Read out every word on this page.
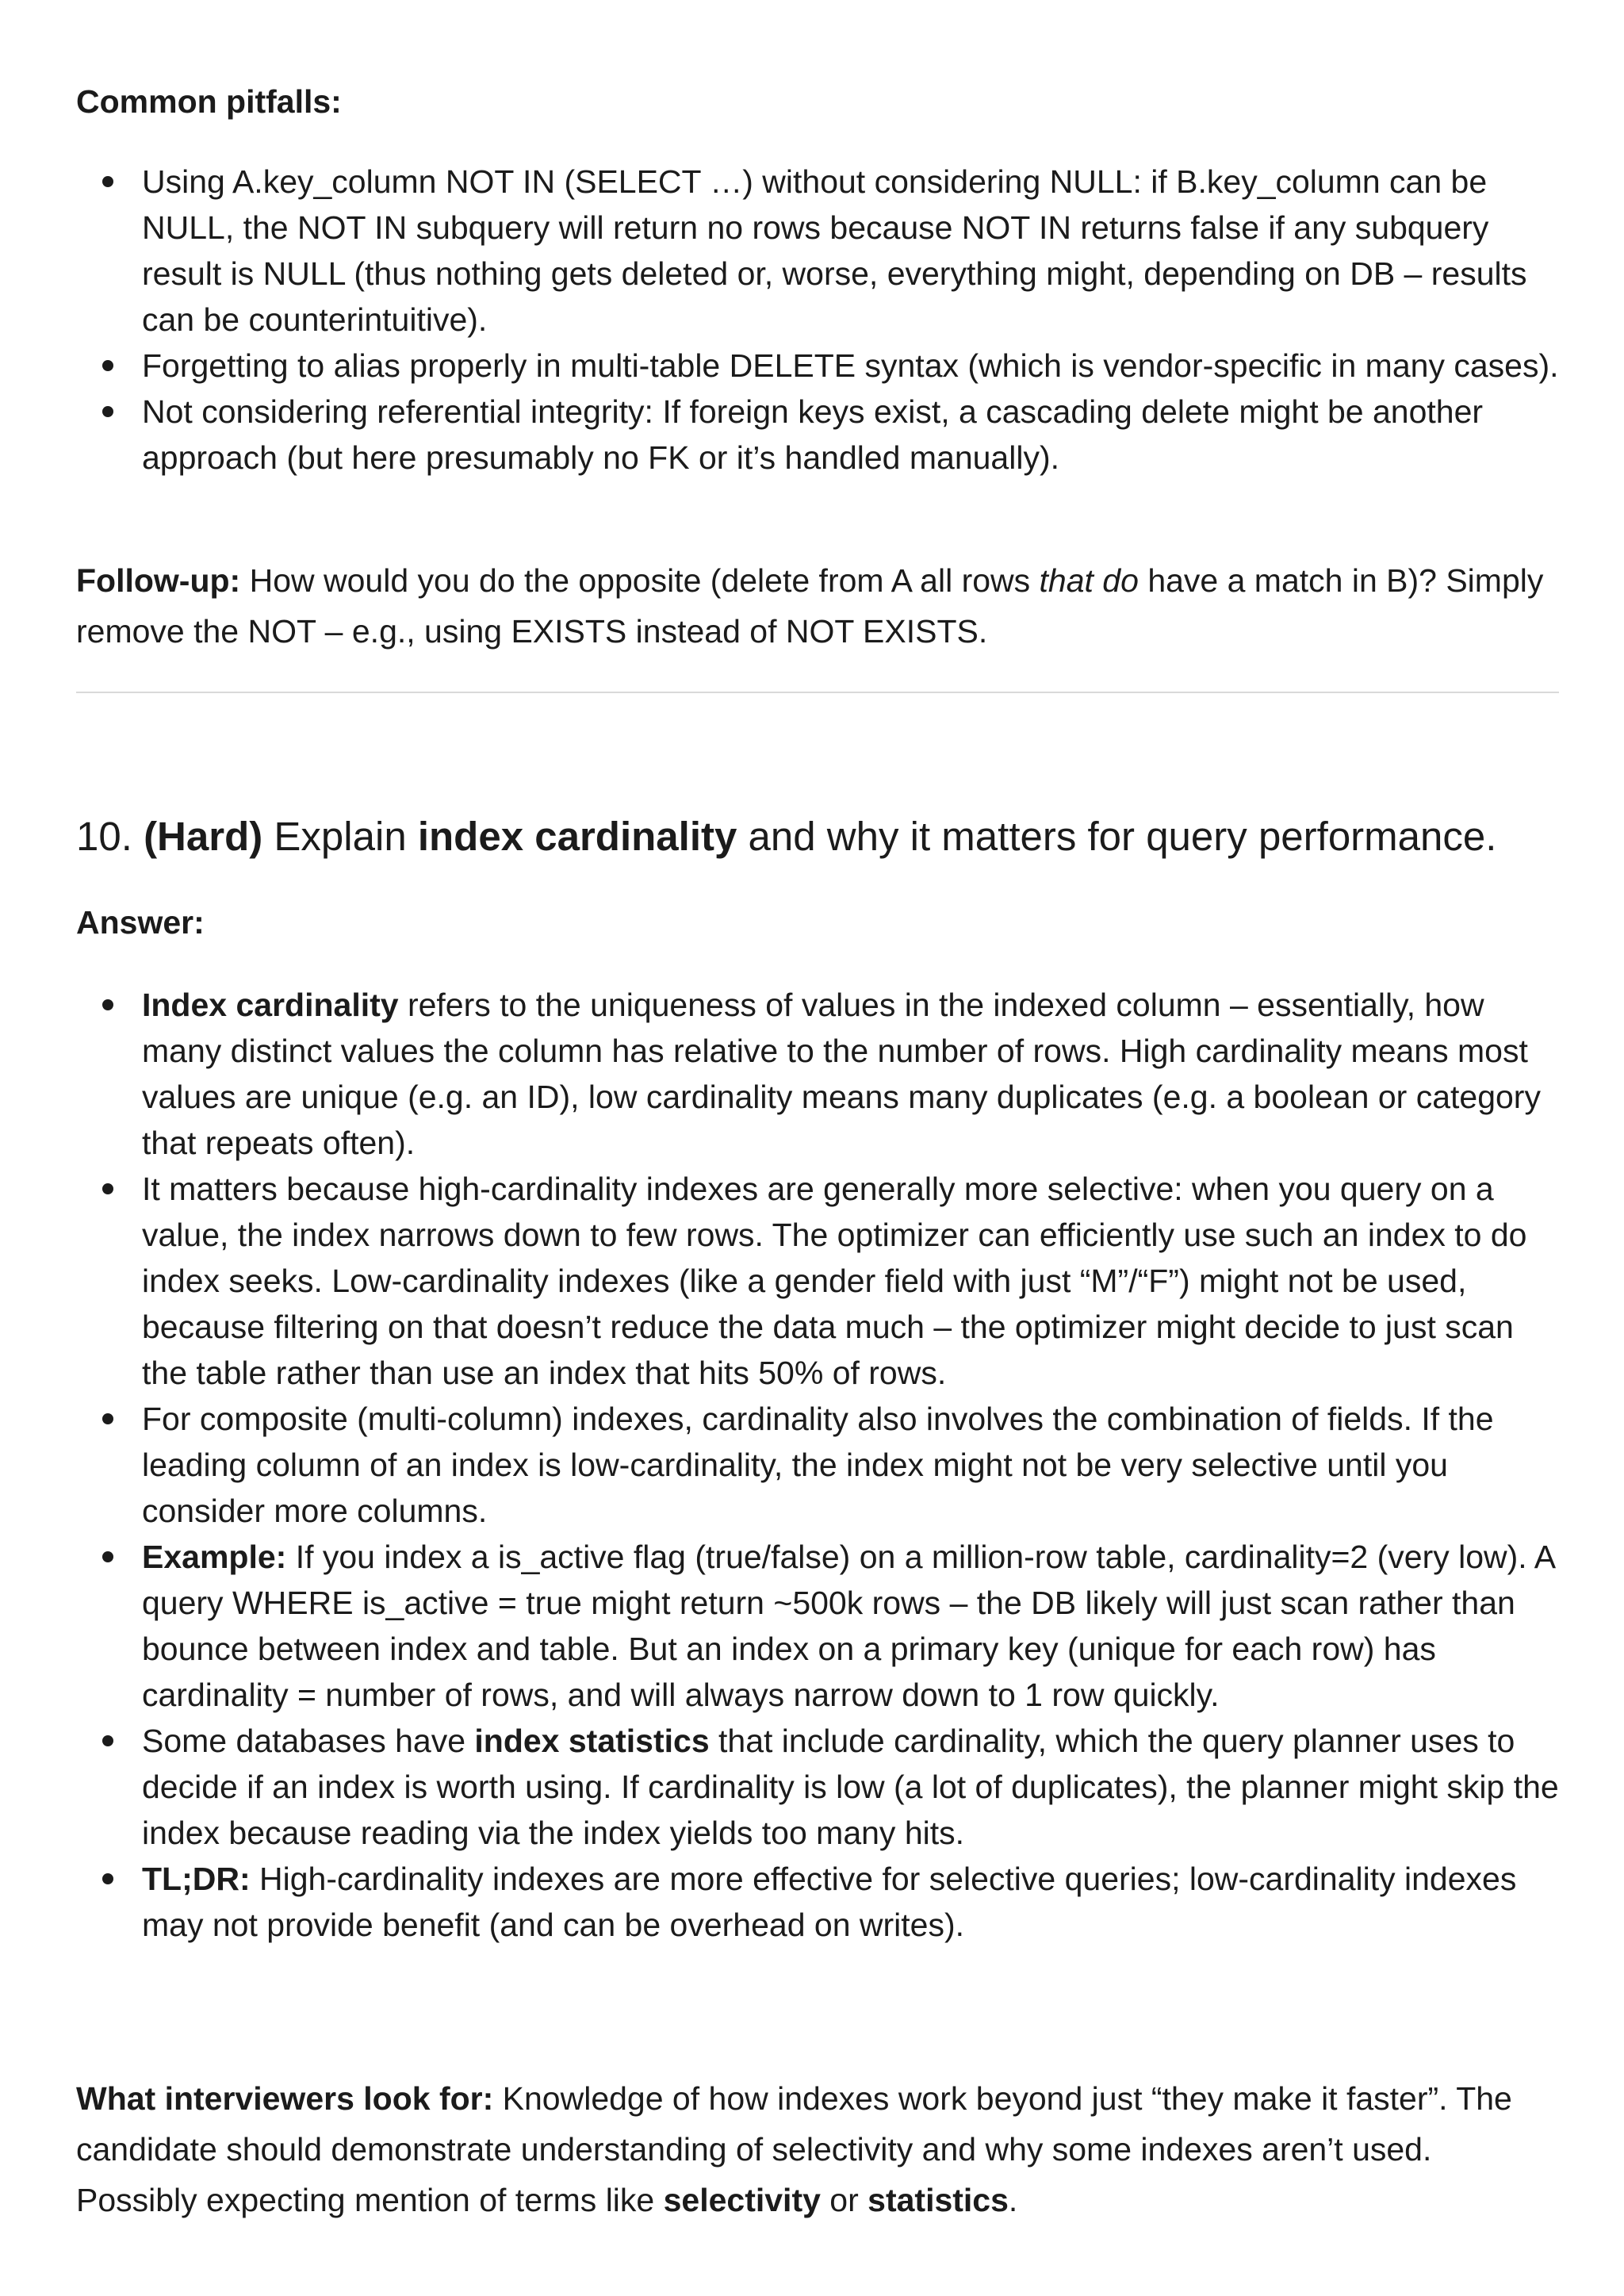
Common pitfalls:
Using A.key_column NOT IN (SELECT …) without considering NULL: if B.key_column can be NULL, the NOT IN subquery will return no rows because NOT IN returns false if any subquery result is NULL (thus nothing gets deleted or, worse, everything might, depending on DB – results can be counterintuitive).
Forgetting to alias properly in multi-table DELETE syntax (which is vendor-specific in many cases).
Not considering referential integrity: If foreign keys exist, a cascading delete might be another approach (but here presumably no FK or it’s handled manually).
Follow-up: How would you do the opposite (delete from A all rows that do have a match in B)? Simply remove the NOT – e.g., using EXISTS instead of NOT EXISTS.
10. (Hard) Explain index cardinality and why it matters for query performance.
Answer:
Index cardinality refers to the uniqueness of values in the indexed column – essentially, how many distinct values the column has relative to the number of rows. High cardinality means most values are unique (e.g. an ID), low cardinality means many duplicates (e.g. a boolean or category that repeats often).
It matters because high-cardinality indexes are generally more selective: when you query on a value, the index narrows down to few rows. The optimizer can efficiently use such an index to do index seeks. Low-cardinality indexes (like a gender field with just “M”/“F”) might not be used, because filtering on that doesn’t reduce the data much – the optimizer might decide to just scan the table rather than use an index that hits 50% of rows.
For composite (multi-column) indexes, cardinality also involves the combination of fields. If the leading column of an index is low-cardinality, the index might not be very selective until you consider more columns.
Example: If you index a is_active flag (true/false) on a million-row table, cardinality=2 (very low). A query WHERE is_active = true might return ~500k rows – the DB likely will just scan rather than bounce between index and table. But an index on a primary key (unique for each row) has cardinality = number of rows, and will always narrow down to 1 row quickly.
Some databases have index statistics that include cardinality, which the query planner uses to decide if an index is worth using. If cardinality is low (a lot of duplicates), the planner might skip the index because reading via the index yields too many hits.
TL;DR: High-cardinality indexes are more effective for selective queries; low-cardinality indexes may not provide benefit (and can be overhead on writes).
What interviewers look for: Knowledge of how indexes work beyond just “they make it faster”. The candidate should demonstrate understanding of selectivity and why some indexes aren’t used. Possibly expecting mention of terms like selectivity or statistics.
